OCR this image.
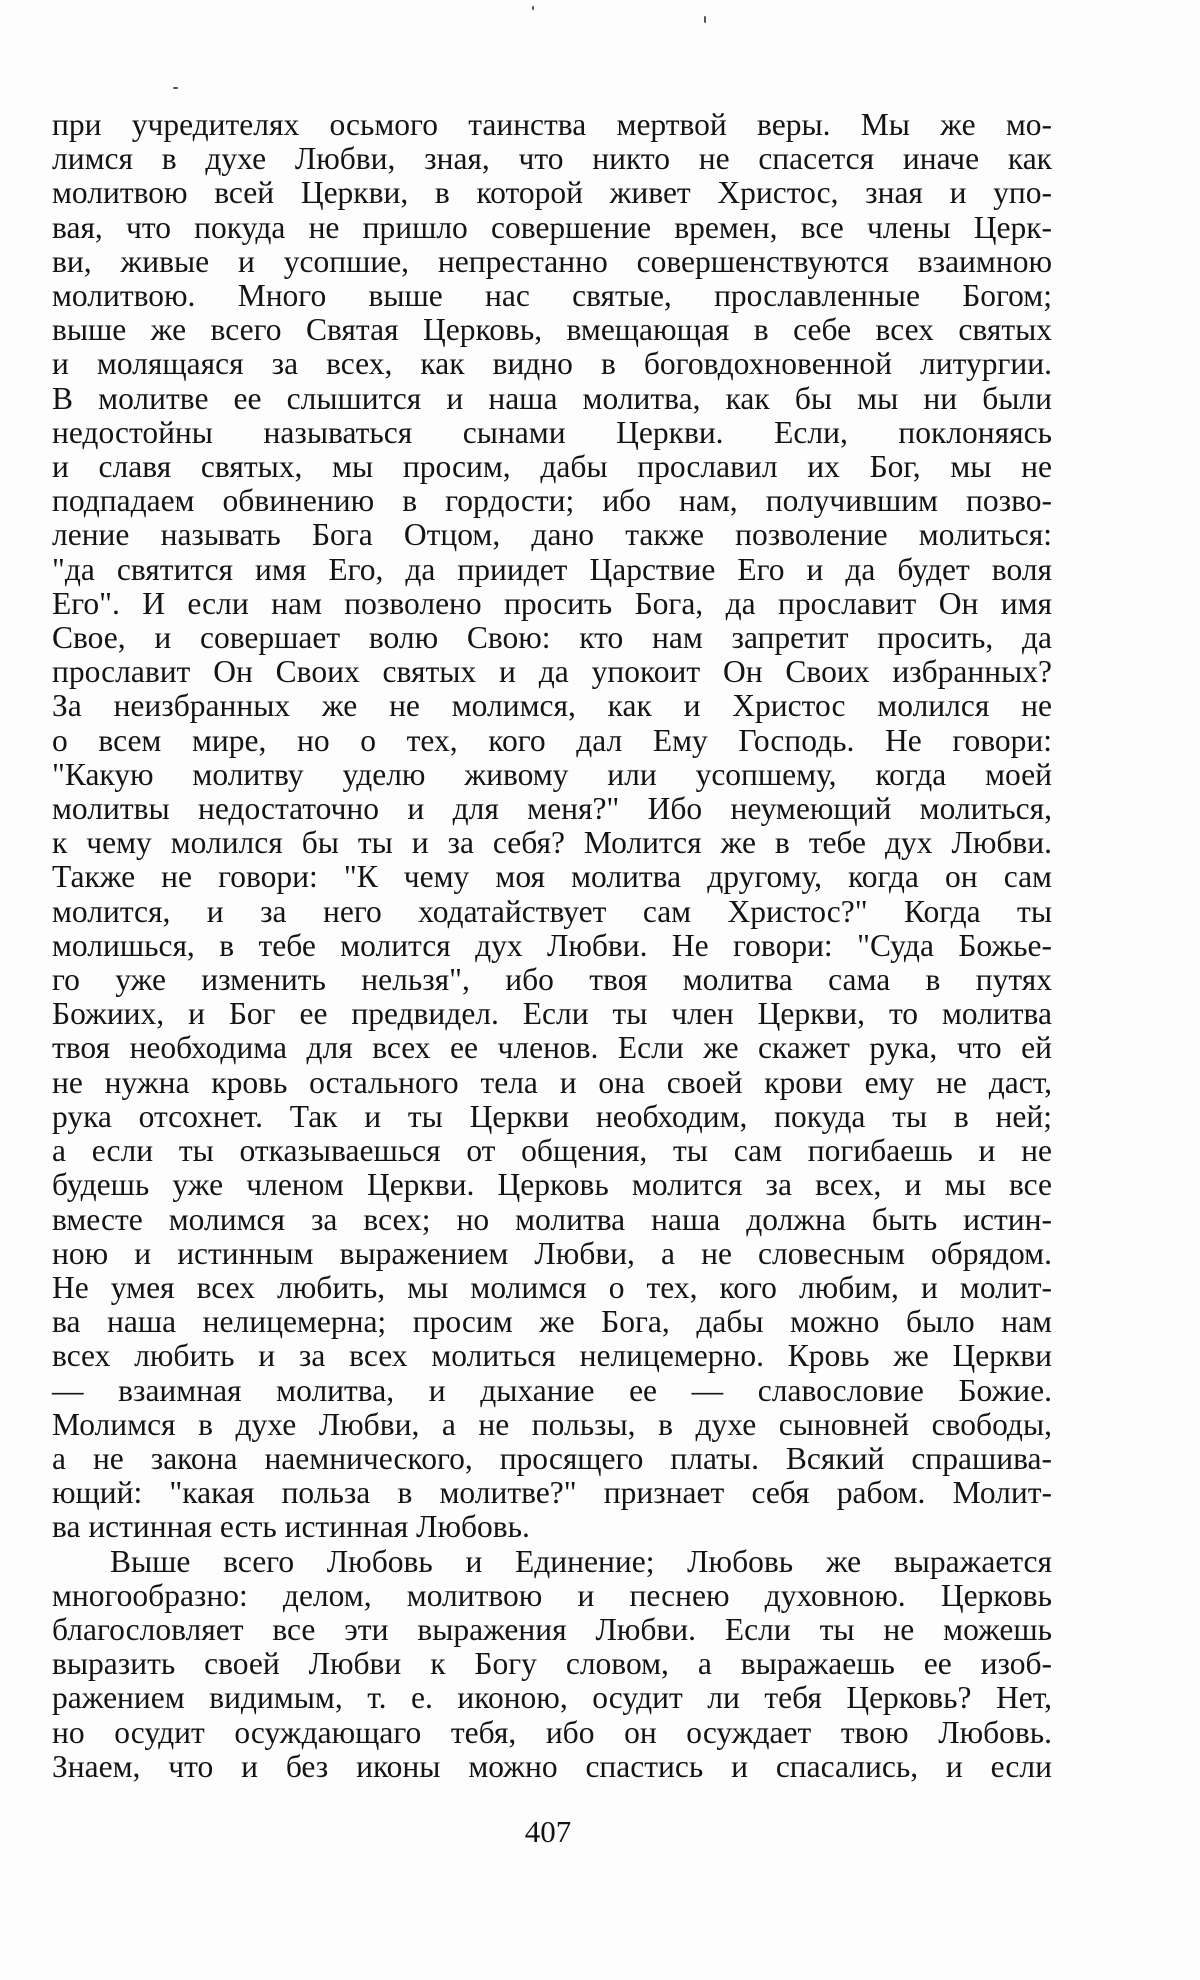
при учредителях осьмого таинства мертвой веры. Мы же мо-
лимся в духе Любви, зная, что никто не спасется иначе как
молитвою всей Церкви, в которой живет Христос, зная и упо-
вая, что покуда не пришло совершение времен, все члены Церк-
ви, живые и усопшие, непрестанно совершенствуются взаимною
молитвою. Много выше нас святые, прославленные Богом;
выше же всего Святая Церковь, вмещающая в себе всех святых
и молящаяся за всех, как видно в боговдохновенной литургии.
В молитве ее слышится и наша молитва, как бы мы ни были
недостойны называться сынами Церкви. Если, поклоняясь
и славя святых, мы просим, дабы прославил их Бог, мы не
подпадаем обвинению в гордости; ибо нам, получившим позво-
ление называть Бога Отцом, дано также позволение молиться:
"да святится имя Его, да приидет Царствие Его и да будет воля
Его". И если нам позволено просить Бога, да прославит Он имя
Свое, и совершает волю Свою: кто нам запретит просить, да
прославит Он Своих святых и да упокоит Он Своих избранных?
За неизбранных же не молимся, как и Христос молился не
о всем мире, но о тех, кого дал Ему Господь. Не говори:
"Какую молитву уделю живому или усопшему, когда моей
молитвы недостаточно и для меня?" Ибо неумеющий молиться,
к чему молился бы ты и за себя? Молится же в тебе дух Любви.
Также не говори: "К чему моя молитва другому, когда он сам
молится, и за него ходатайствует сам Христос?" Когда ты
молишься, в тебе молится дух Любви. Не говори: "Суда Божье-
го уже изменить нельзя", ибо твоя молитва сама в путях
Божиих, и Бог ее предвидел. Если ты член Церкви, то молитва
твоя необходима для всех ее членов. Если же скажет рука, что ей
не нужна кровь остального тела и она своей крови ему не даст,
рука отсохнет. Так и ты Церкви необходим, покуда ты в ней;
а если ты отказываешься от общения, ты сам погибаешь и не
будешь уже членом Церкви. Церковь молится за всех, и мы все
вместе молимся за всех; но молитва наша должна быть истин-
ною и истинным выражением Любви, а не словесным обрядом.
Не умея всех любить, мы молимся о тех, кого любим, и молит-
ва наша нелицемерна; просим же Бога, дабы можно было нам
всех любить и за всех молиться нелицемерно. Кровь же Церкви
— взаимная молитва, и дыхание ее — славословие Божие.
Молимся в духе Любви, а не пользы, в духе сыновней свободы,
а не закона наемнического, просящего платы. Всякий спрашива-
ющий: "какая польза в молитве?" признает себя рабом. Молит-
ва истинная есть истинная Любовь.
Выше всего Любовь и Единение; Любовь же выражается
многообразно: делом, молитвою и песнею духовною. Церковь
благословляет все эти выражения Любви. Если ты не можешь
выразить своей Любви к Богу словом, а выражаешь ее изоб-
ражением видимым, т. е. иконою, осудит ли тебя Церковь? Нет,
но осудит осуждающаго тебя, ибо он осуждает твою Любовь.
Знаем, что и без иконы можно спастись и спасались, и если
407
